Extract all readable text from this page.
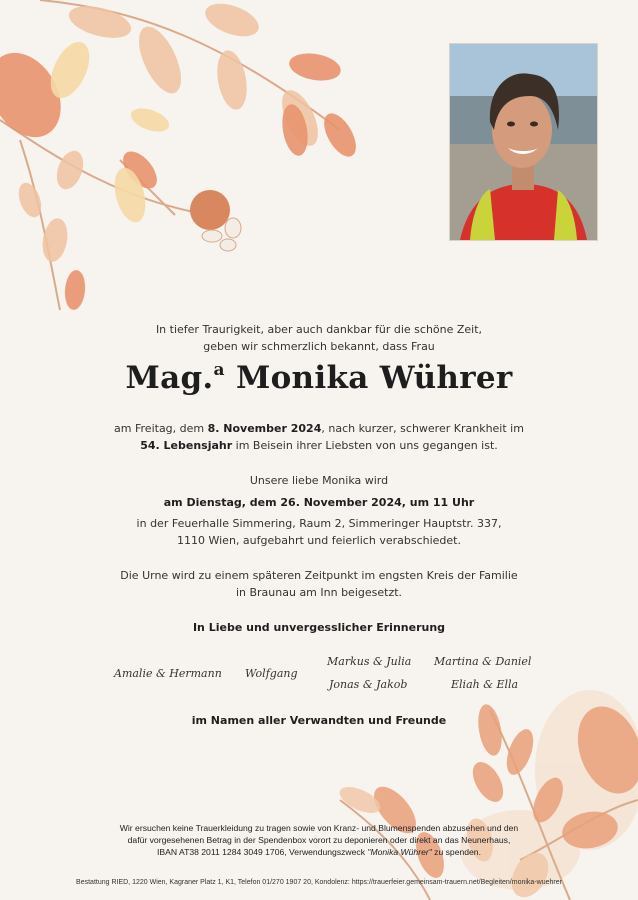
In tiefer Traurigkeit, aber auch dankbar für die schöne Zeit,
geben wir schmerzlich bekannt, dass Frau
Mag.$^a$ Monika Wührer
am Freitag, dem 8. November 2024, nach kurzer, schwerer Krankheit im
54. Lebensjahr im Beisein ihrer Liebsten von uns gegangen ist.
Unsere liebe Monika wird
am Dienstag, dem 26. November 2024, um 11 Uhr
in der Feuerhalle Simmering, Raum 2, Simmeringer Hauptstr. 337,
1110 Wien, aufgebahrt und feierlich verabschiedet.
Die Urne wird zu einem späteren Zeitpunkt im engsten Kreis der Familie
in Braunau am Inn beigesetzt.
In Liebe und unvergesslicher Erinnerung
Amalie & Hermann Wolfgang
Markus & Julia
Jonas & Jakob
Martina & Daniel
Eliah & Ella
im Namen aller Verwandten und Freunde
Wir ersuchen keine Trauerkleidung zu tragen sowie von Kranz- und Blumenspenden abzusehen und den
dafür vorgesehenen Betrag in der Spendenbox vorort zu deponieren oder direkt an das Neunerhaus,
IBAN AT38 2011 1284 3049 1706, Verwendungszweck "Monika Wührer" zu spenden.
Bestattung RIED, 1220 Wien, Kagraner Platz 1, K1, Telefon 01/270 1907 20, Kondolenz: https://trauerfeier.gemeinsam-trauern.net/Begleiten/monika-wuehrer
